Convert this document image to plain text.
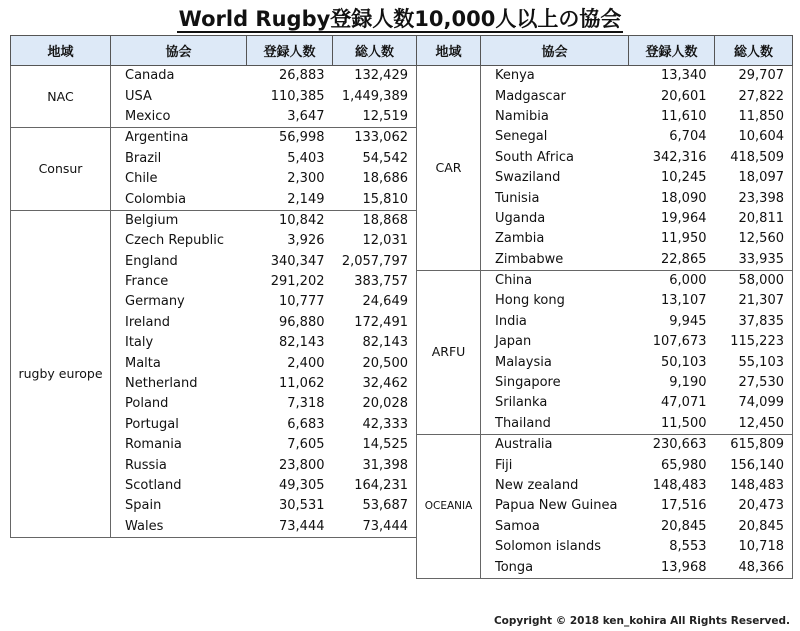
World Rugby登録人数10,000人以上の協会
地域	協会	登録人数	総人数
NAC	Canada	26,883	132,429
	USA	110,385	1,449,389
	Mexico	3,647	12,519
Consur	Argentina	56,998	133,062
	Brazil	5,403	54,542
	Chile	2,300	18,686
	Colombia	2,149	15,810
rugby europe	Belgium	10,842	18,868
	Czech Republic	3,926	12,031
	England	340,347	2,057,797
	France	291,202	383,757
	Germany	10,777	24,649
	Ireland	96,880	172,491
	Italy	82,143	82,143
	Malta	2,400	20,500
	Netherland	11,062	32,462
	Poland	7,318	20,028
	Portugal	6,683	42,333
	Romania	7,605	14,525
	Russia	23,800	31,398
	Scotland	49,305	164,231
	Spain	30,531	53,687
	Wales	73,444	73,444
地域	協会	登録人数	総人数
CAR	Kenya	13,340	29,707
	Madgascar	20,601	27,822
	Namibia	11,610	11,850
	Senegal	6,704	10,604
	South Africa	342,316	418,509
	Swaziland	10,245	18,097
	Tunisia	18,090	23,398
	Uganda	19,964	20,811
	Zambia	11,950	12,560
	Zimbabwe	22,865	33,935
ARFU	China	6,000	58,000
	Hong kong	13,107	21,307
	India	9,945	37,835
	Japan	107,673	115,223
	Malaysia	50,103	55,103
	Singapore	9,190	27,530
	Srilanka	47,071	74,099
	Thailand	11,500	12,450
OCEANIA	Australia	230,663	615,809
	Fiji	65,980	156,140
	New zealand	148,483	148,483
	Papua New Guinea	17,516	20,473
	Samoa	20,845	20,845
	Solomon islands	8,553	10,718
	Tonga	13,968	48,366
Copyright © 2018 ken_kohira All Rights Reserved.
